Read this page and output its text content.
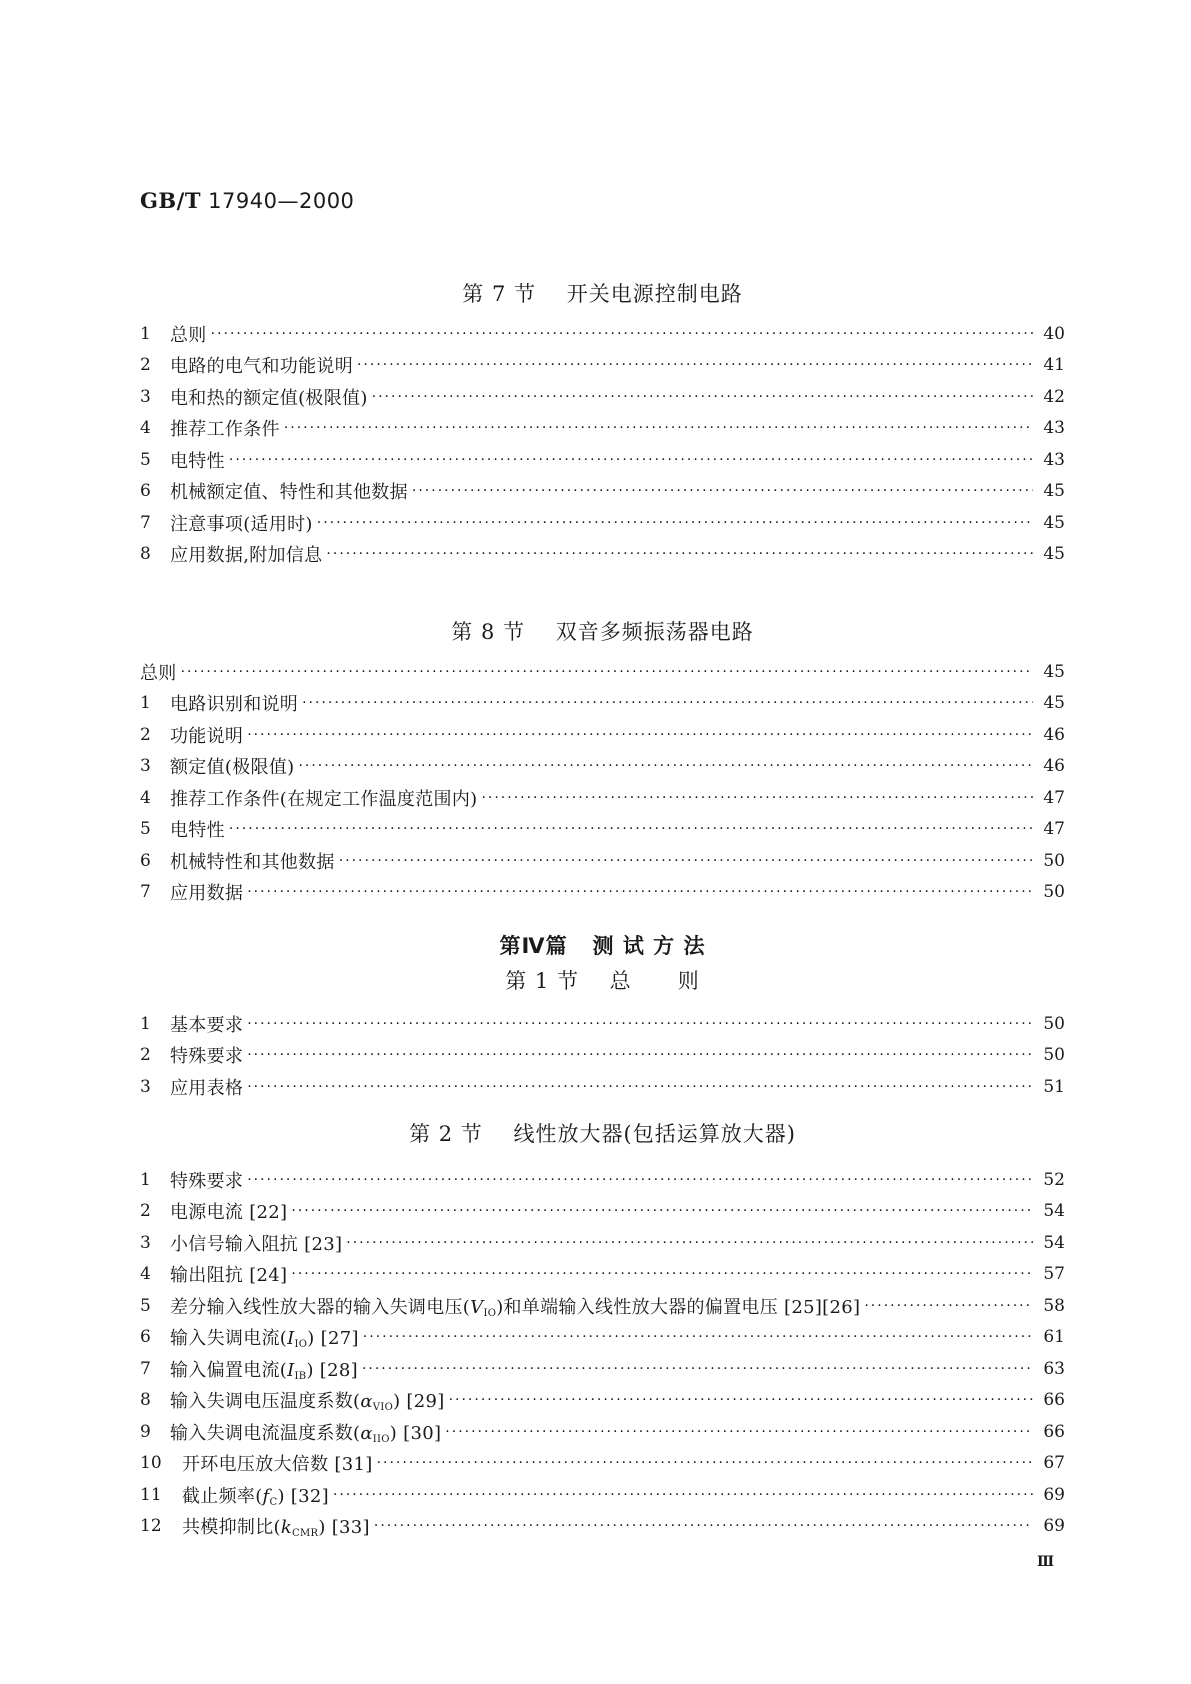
GB/T 17940—2000
第 7 节    开关电源控制电路
1	总则 ·····	40
2	电路的电气和功能说明 ·····	41
3	电和热的额定值(极限值) ·····	42
4	推荐工作条件 ·····	43
5	电特性 ·····	43
6	机械额定值、特性和其他数据 ·····	45
7	注意事项(适用时) ·····	45
8	应用数据,附加信息 ·····	45
第 8 节    双音多频振荡器电路
总则 ·····	45
1	电路识别和说明 ·····	45
2	功能说明 ·····	46
3	额定值(极限值) ·····	46
4	推荐工作条件(在规定工作温度范围内) ·····	47
5	电特性 ·····	47
6	机械特性和其他数据 ·····	50
7	应用数据 ·····	50
第Ⅳ篇   测 试 方 法
第 1 节    总      则
1	基本要求 ·····	50
2	特殊要求 ·····	50
3	应用表格 ·····	51
第 2 节    线性放大器(包括运算放大器)
1	特殊要求 ·····	52
2	电源电流 [22] ·····	54
3	小信号输入阻抗 [23] ·····	54
4	输出阻抗 [24] ·····	57
5	差分输入线性放大器的输入失调电压$(V_{IO})$和单端输入线性放大器的偏置电压 [25][26] ·····	58
6	输入失调电流$(I_{IO})$ [27] ·····	61
7	输入偏置电流$(I_{IB})$ [28] ·····	63
8	输入失调电压温度系数$(\alpha_{VIO})$ [29] ·····	66
9	输入失调电流温度系数$(\alpha_{IIO})$ [30] ·····	66
10	开环电压放大倍数 [31] ·····	67
11	截止频率$(f_C)$ [32] ·····	69
12	共模抑制比$(k_{CMR})$ [33] ·····	69
Ⅲ
